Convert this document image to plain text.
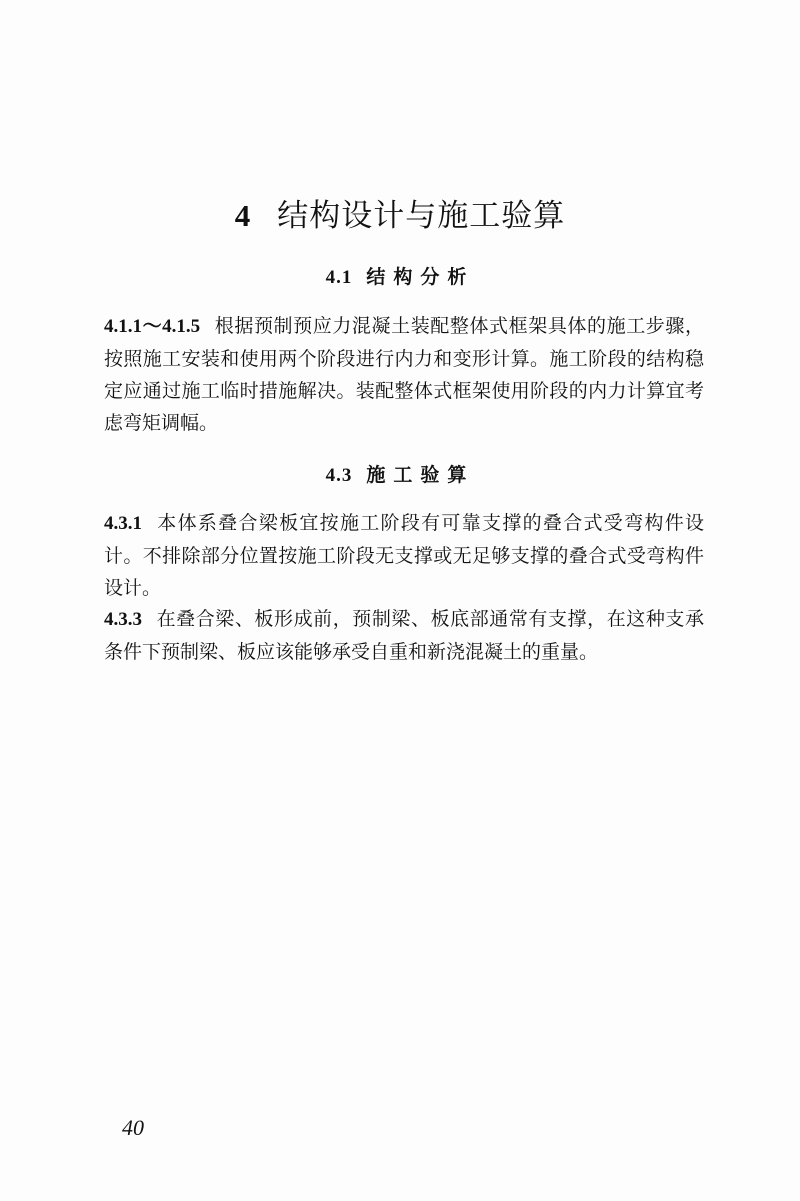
4 结构设计与施工验算
4.1 结构分析
4.1.1～4.1.5 根据预制预应力混凝土装配整体式框架具体的施工步骤，按照施工安装和使用两个阶段进行内力和变形计算。施工阶段的结构稳定应通过施工临时措施解决。装配整体式框架使用阶段的内力计算宜考虑弯矩调幅。
4.3 施工验算
4.3.1 本体系叠合梁板宜按施工阶段有可靠支撑的叠合式受弯构件设计。不排除部分位置按施工阶段无支撑或无足够支撑的叠合式受弯构件设计。
4.3.3 在叠合梁、板形成前，预制梁、板底部通常有支撑，在这种支承条件下预制梁、板应该能够承受自重和新浇混凝土的重量。
40
